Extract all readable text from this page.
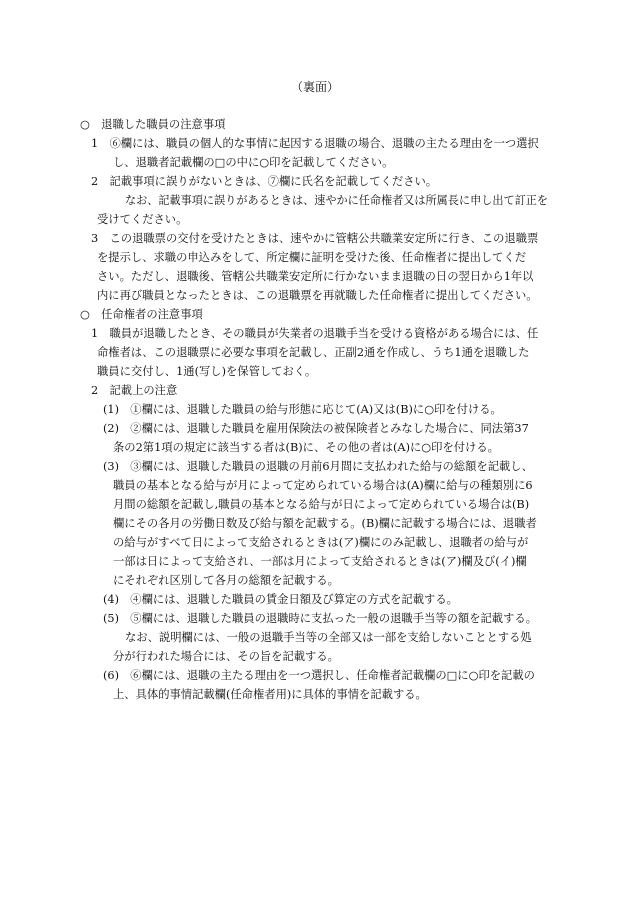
（裏面）
○　退職した職員の注意事項
1　⑥欄には、職員の個人的な事情に起因する退職の場合、退職の主たる理由を一つ選択
し、退職者記載欄の□の中に○印を記載してください。
2　記載事項に誤りがないときは、⑦欄に氏名を記載してください。
なお、記載事項に誤りがあるときは、速やかに任命権者又は所属長に申し出て訂正を
受けてください。
3　この退職票の交付を受けたときは、速やかに管轄公共職業安定所に行き、この退職票
を提示し、求職の申込みをして、所定欄に証明を受けた後、任命権者に提出してくだ
さい。ただし、退職後、管轄公共職業安定所に行かないまま退職の日の翌日から1年以
内に再び職員となったときは、この退職票を再就職した任命権者に提出してください。
○　任命権者の注意事項
1　職員が退職したとき、その職員が失業者の退職手当を受ける資格がある場合には、任
命権者は、この退職票に必要な事項を記載し、正副2通を作成し、うち1通を退職した
職員に交付し、1通(写し)を保管しておく。
2　記載上の注意
(1)　①欄には、退職した職員の給与形態に応じて(A)又は(B)に○印を付ける。
(2)　②欄には、退職した職員を雇用保険法の被保険者とみなした場合に、同法第37
条の2第1項の規定に該当する者は(B)に、その他の者は(A)に○印を付ける。
(3)　③欄には、退職した職員の退職の月前6月間に支払われた給与の総額を記載し、
職員の基本となる給与が月によって定められている場合は(A)欄に給与の種類別に6
月間の総額を記載し,職員の基本となる給与が日によって定められている場合は(B)
欄にその各月の労働日数及び給与額を記載する。(B)欄に記載する場合には、退職者
の給与がすべて日によって支給されるときは(ア)欄にのみ記載し、退職者の給与が
一部は日によって支給され、一部は月によって支給されるときは(ア)欄及び(イ)欄
にそれぞれ区別して各月の総額を記載する。
(4)　④欄には、退職した職員の賃金日額及び算定の方式を記載する。
(5)　⑤欄には、退職した職員の退職時に支払った一般の退職手当等の額を記載する。
なお、説明欄には、一般の退職手当等の全部又は一部を支給しないこととする処
分が行われた場合には、その旨を記載する。
(6)　⑥欄には、退職の主たる理由を一つ選択し、任命権者記載欄の□に○印を記載の
上、具体的事情記載欄(任命権者用)に具体的事情を記載する。
